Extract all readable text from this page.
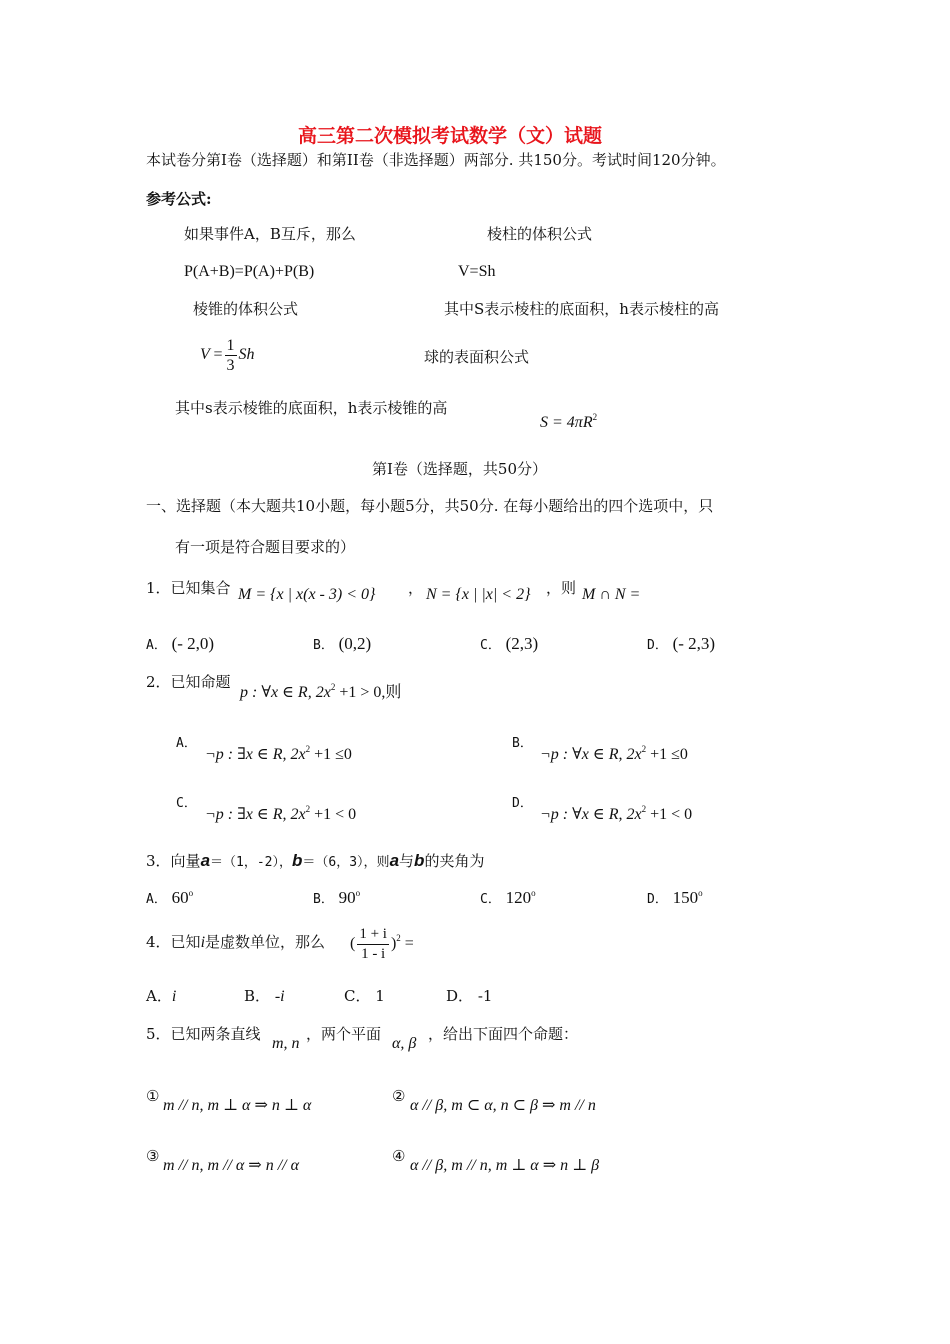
高三第二次模拟考试数学（文）试题
本试卷分第I卷（选择题）和第II卷（非选择题）两部分. 共150分。考试时间120分钟。
参考公式:
如果事件A，B互斥，那么	棱柱的体积公式
P(A+B)=P(A)+P(B)	V=Sh
棱锥的体积公式	其中S表示棱柱的底面积，h表示棱柱的高
$V = \frac{1}{3}$ Sh	球的表面积公式
其中s表示棱锥的底面积，h表示棱锥的高
$S = 4\pi R^2$
第I卷（选择题，共50分）
一、选择题（本大题共10小题，每小题5分，共50分. 在每小题给出的四个选项中，只
有一项是符合题目要求的）
1．已知集合 M = {x | x(x - 3) < 0} ， N = {x | |x| < 2} ，则 M ∩ N =
A． (- 2,0)	B． (0,2)	C． (2,3)	D． (- 2,3)
2．已知命题
p : ∀x ∈ R, $2x^2 +1 > 0$,则
A．
¬p : ∃x ∈ R, $2x^2 +1 \le 0$
B．
¬p : ∀x ∈ R, $2x^2 +1 \le 0$
C．
¬p : ∃x ∈ R, $2x^2 +1 < 0$
D．
¬p : ∀x ∈ R, $2x^2 +1 < 0$
3．向量a＝（1，-2），b＝（6，3），则a与b的夹角为
A． 60$^o$	B． 90$^o$	C． 120$^o$	D． 150$^o$
4．已知i是虚数单位，那么 ( $\frac{1 + i}{1 - i} )^2$ =
A．i	B． -i	C． 1	D． -1
5．已知两条直线
m, n
，两个平面
α, β
，给出下面四个命题：
①
m // n, m ⊥ α ⇒ n ⊥ α
②
α // β, m ⊂ α, n ⊂ β ⇒ m // n
③
m // n, m // α ⇒ n // α
④
α // β, m // n, m ⊥ α ⇒ n ⊥ β
